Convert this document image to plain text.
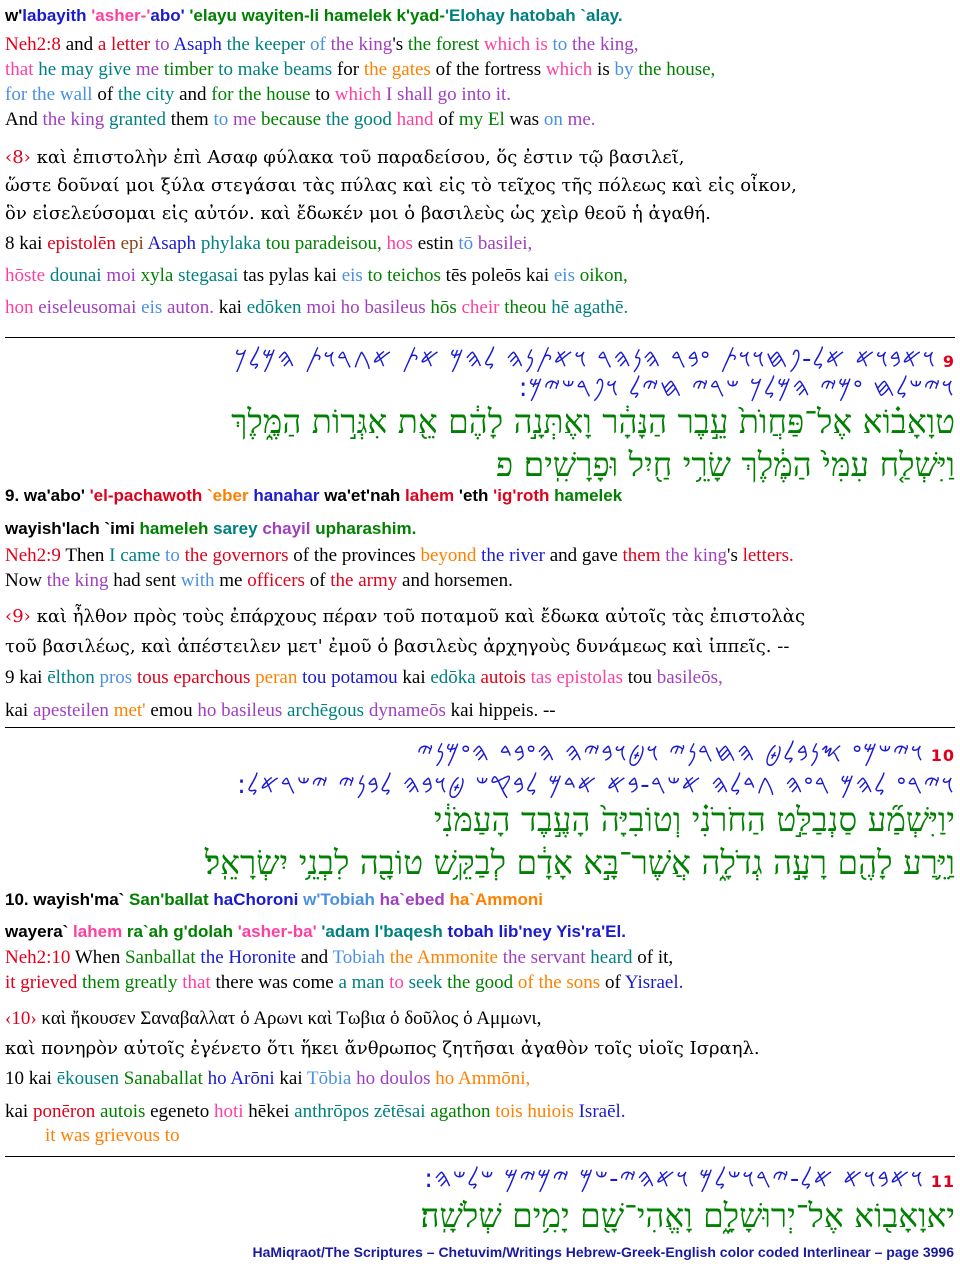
w'labayith 'asher-'abo' 'elayu wayiten-li hamelek k'yad-'Elohay hatobah `alay.
Neh2:8 and a letter to Asaph the keeper of the king's the forest which is to the king,
that he may give me timber to make beams for the gates of the fortress which is by the house,
for the wall of the city and for the house to which I shall go into it.
And the king granted them to me because the good hand of my El was on me.
‹8› καὶ ἐπιστολὴν ἐπὶ Ασαφ φύλακα τοῦ παραδείσου, ὅς ἐστιν τῷ βασιλεῖ,
ὥστε δοῦναί μοι ξύλα στεγάσαι τὰς πύλας καὶ εἰς τὸ τεῖχος τῆς πόλεως καὶ εἰς οἶκον,
ὃν εἰσελεύσομαι εἰς αὐτόν. καὶ ἔδωκέν μοι ὁ βασιλεὺς ὡς χεὶρ θεοῦ ἡ ἀγαθή.
8 kai epistolēn epi Asaph phylaka tou paradeisou, hos estin tō basilei,
hōste dounai moi xyla stegasai tas pylas kai eis to teichos tēs poleōs kai eis oikon,
hon eiseleusomai eis auton. kai edōken moi ho basileus hōs cheir theou hē agathē.
wayish'lach `imi hameleh sarey chayil upharashim.
Neh2:9 Then I came to the governors of the provinces beyond the river and gave them the king's letters.
Now the king had sent with me officers of the army and horsemen.
‹9› καὶ ἦλθον πρὸς τοὺς ἐπάρχους πέραν τοῦ ποταμοῦ καὶ ἔδωκα αὐτοῖς τὰς ἐπιστολὰς
τοῦ βασιλέως, καὶ ἀπέστειλεν μετ' ἐμοῦ ὁ βασιλεὺς ἀρχηγοὺς δυνάμεως καὶ ἱππεῖς. --
9 kai ēlthon pros tous eparchous peran tou potamou kai edōka autois tas epistolas tou basileōs,
kai apesteilen met' emou ho basileus archēgous dynameōs kai hippeis. --
wayera` lahem ra`ah g'dolah 'asher-ba' 'adam l'baqesh tobah lib'ney Yis'ra'El.
Neh2:10 When Sanballat the Horonite and Tobiah the Ammonite the servant heard of it,
it grieved them greatly that there was come a man to seek the good of the sons of Yisrael.
‹10› καὶ ἤκουσεν Σαναβαλλατ ὁ Αρωνι καὶ Τωβια ὁ δοῦλος ὁ Αμμωνι,
καὶ πονηρὸν αὐτοῖς ἐγένετο ὅτι ἥκει ἄνθρωπος ζητῆσαι ἀγαθὸν τοῖς υἱοῖς Ισραηλ.
10 kai ēkousen Sanaballat ho Arōni kai Tōbia ho doulos ho Ammōni,
kai ponēron autois egeneto hoti hēkei anthrōpos zētēsai agathon tois huiois Israēl.
it was grievous to
9. wa'abo' 'el-pachawoth `eber hanahar wa'et'nah lahem 'eth 'ig'roth hamelek
10. wayish'ma` San'ballat haChoroni w'Tobiah ha`ebed ha`Ammoni
9 𐤅𐤀𐤁𐤅𐤀 𐤀𐤋-𐤐𐤇𐤅𐤅𐤕 𐤏𐤁𐤓 𐤄𐤍𐤄𐤓 𐤅𐤀𐤕𐤍𐤄 𐤋𐤄𐤌 𐤀𐤕 𐤀𐤂𐤓𐤅𐤕 𐤄𐤌𐤋𐤊
𐤅𐤉𐤔𐤋𐤇 𐤏𐤌𐤉 𐤄𐤌𐤋𐤊 𐤔𐤓𐤉 𐤇𐤉𐤋 𐤅𐤐𐤓𐤔𐤉𐤌:
10 𐤅𐤉𐤔𐤌𐤏 𐤎𐤍𐤁𐤋𐤈 𐤄𐤇𐤓𐤍𐤉 𐤅𐤈𐤅𐤁𐤉𐤄 𐤄𐤏𐤁𐤃 𐤄𐤏𐤌𐤍𐤉
𐤅𐤉𐤓𐤏 𐤋𐤄𐤌 𐤓𐤏𐤄 𐤂𐤃𐤋𐤄 𐤀𐤔𐤓-𐤁𐤀 𐤀𐤃𐤌 𐤋𐤁𐤒𐤔 𐤈𐤅𐤁𐤄 𐤋𐤁𐤍𐤉 𐤉𐤔𐤓𐤀𐤋:
11 𐤅𐤀𐤁𐤅𐤀 𐤀𐤋-𐤉𐤓𐤅𐤔𐤋𐤌 𐤅𐤀𐤄𐤉-𐤔𐤌 𐤉𐤌𐤉𐤌 𐤔𐤋𐤔𐤄:
טוָאָב֗וֹא אֶל־פַּחֲוֺת֙ עֵ֣בֶר הַנָּהָ֔ר וָאֶתְּנָ֣ה לָהֶ֔ם אֵ֖ת אִגְּר֣וֹת הַמֶּ֑לֶךְ
וַיִּשְׁלַ֤ח עִמִּי֙ הַמֶּ֔לֶךְ שָׂרֵ֥י חַ֖יִל וּפָרָשִֽׁים׃ פ
יוַיִּשְׁמַ֞ע סַנְבַלַּ֣ט הַחֹרֹנִ֗י וְטוֹבִיָּה֙ הָעֶ֣בֶד הָעַמֹּנִ֔י
וַיֵּ֥רַע לָהֶ֖ם רָעָ֣ה גְדֹלָ֑ה אֲשֶׁר־בָּ֣א אָדָ֔ם לְבַקֵּ֥שׁ טוֹבָ֖ה לִבְנֵ֥י יִשְׂרָאֵֽל׃
יאוָאָב֖וֹא אֶל־יְרוּשָׁלִָ֑ם וָאֱהִי־שָׁ֖ם יָמִ֥ים שְׁלֹשָֽׁה׃
HaMiqraot/The Scriptures – Chetuvim/Writings Hebrew-Greek-English color coded Interlinear – page 3996
